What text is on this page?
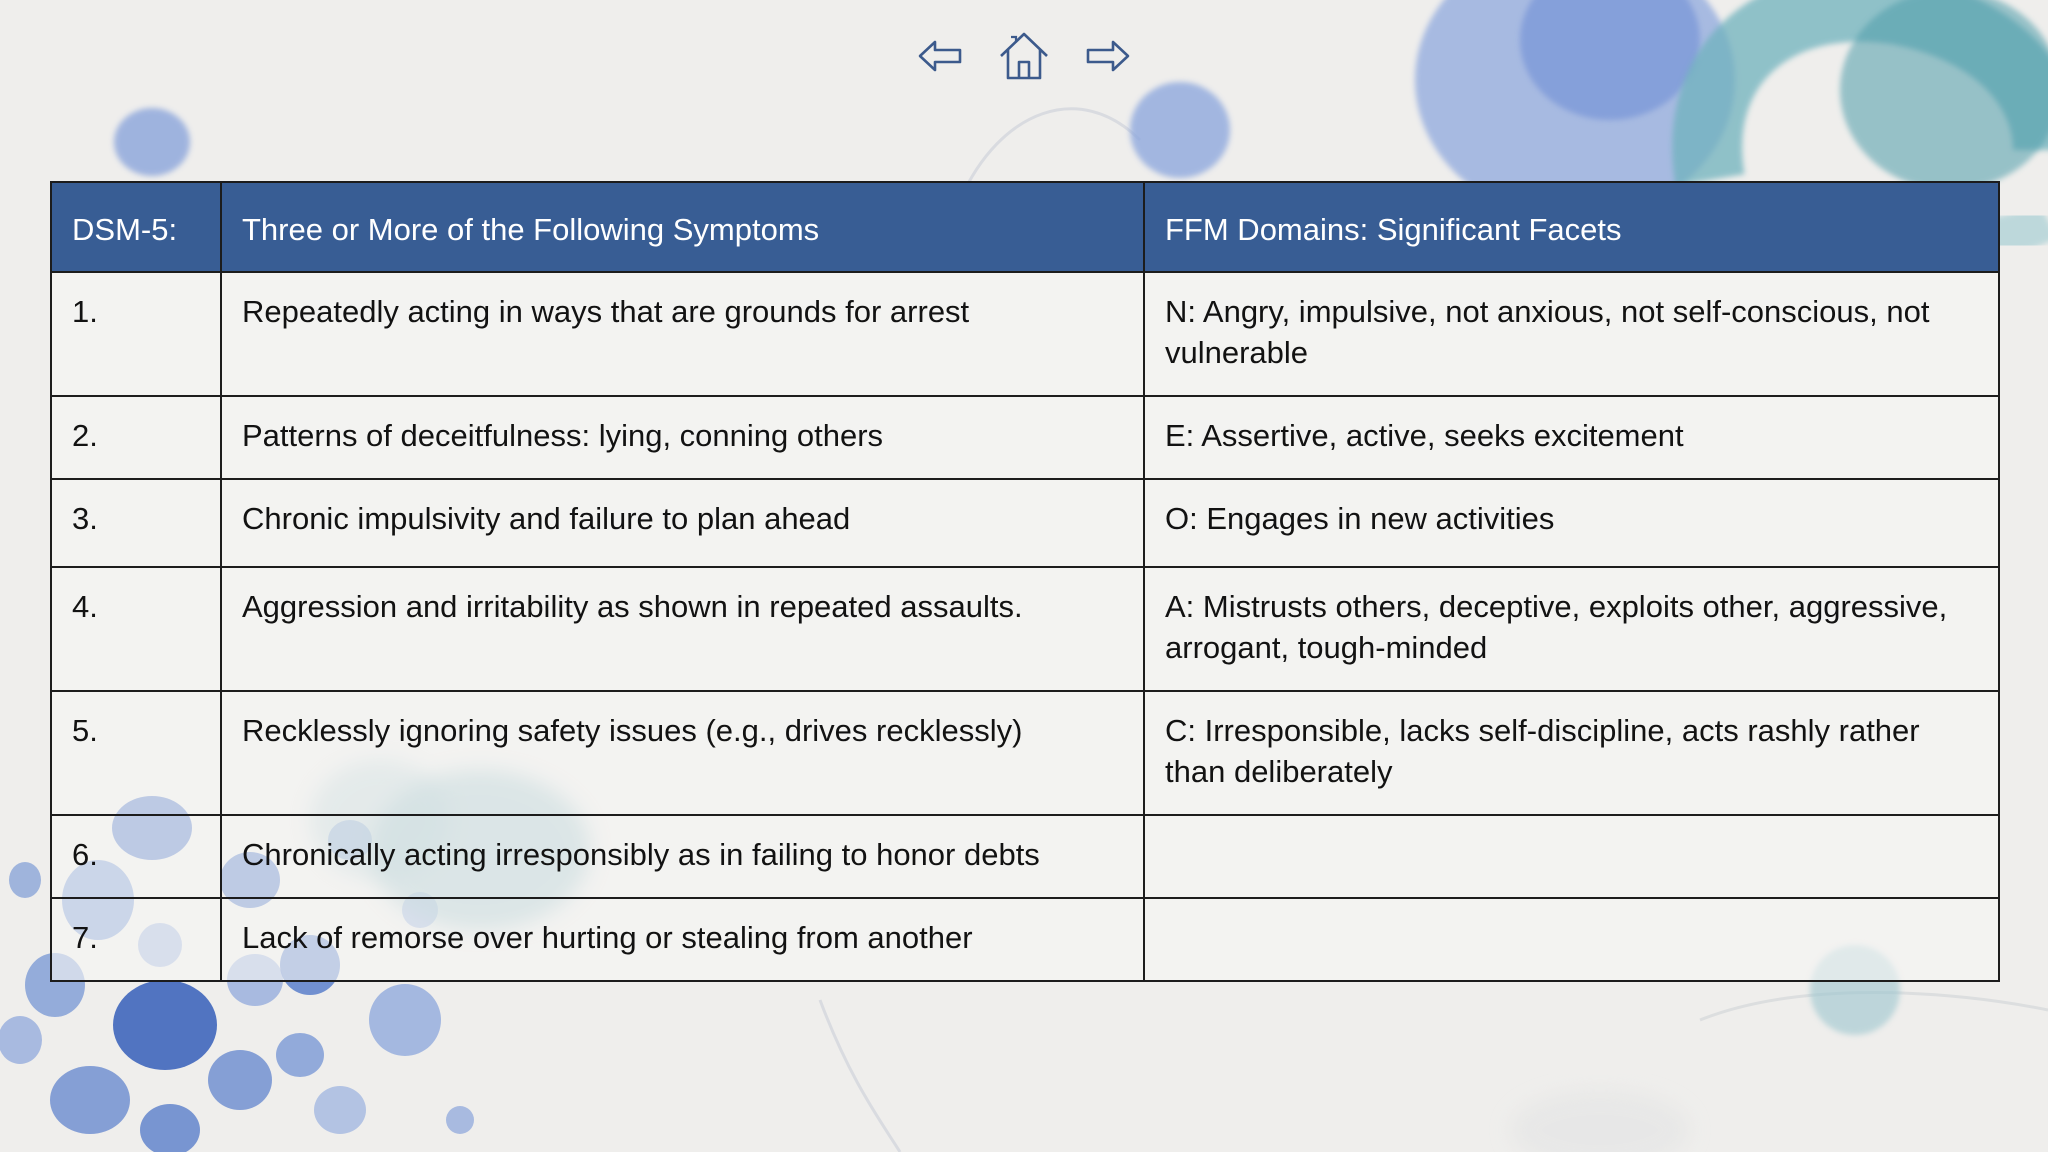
DSM-5:	Three or More of the Following Symptoms	FFM Domains: Significant Facets
1.	Repeatedly acting in ways that are grounds for arrest	N: Angry, impulsive, not anxious, not self-conscious, not vulnerable
2.	Patterns of deceitfulness: lying, conning others	E: Assertive, active, seeks excitement
3.	Chronic impulsivity and failure to plan ahead	O: Engages in new activities
4.	Aggression and irritability as shown in repeated assaults.	A: Mistrusts others, deceptive, exploits other, aggressive, arrogant, tough-minded
5.	Recklessly ignoring safety issues (e.g., drives recklessly)	C: Irresponsible, lacks self-discipline, acts rashly rather than deliberately
6.	Chronically acting irresponsibly as in failing to honor debts	
7.	Lack of remorse over hurting or stealing from another	
